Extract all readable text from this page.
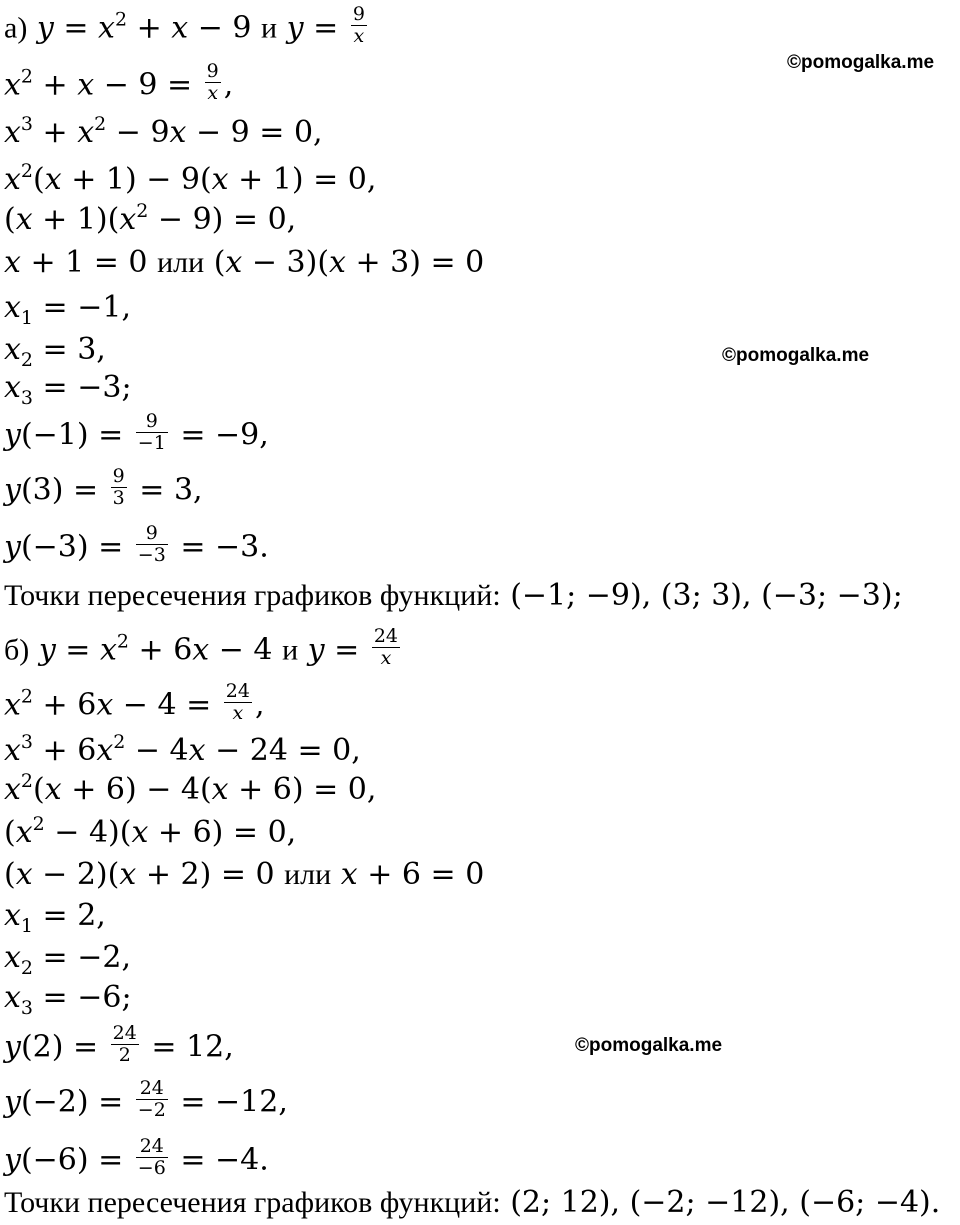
©pomogalka.me
©pomogalka.me
©pomogalka.me
а) $y = x^2 + x - 9$ и $y = \frac{9}{x}$
$x^2 + x - 9 = \frac{9}{x}$ ,
$x^3 + x^2 - 9x - 9 = 0$,
$x^2(x + 1) - 9(x + 1) = 0$,
$(x + 1)(x^2 - 9) = 0$,
x + 1 = 0 или (x − 3)(x + 3) = 0
$x_1 = -1$,
$x_2 = 3$,
$x_3 = -3$;
$y(-1) = \frac{9}{-1} = -9$,
$y(3) = \frac{9}{3} = 3$,
$y(-3) = \frac{9}{-3} = -3$.
Точки пересечения графиков функций: (−1; −9), (3; 3), (−3; −3);
б) $y = x^2 + 6x - 4$ и $y = \frac{24}{x}$
$x^2 + 6x - 4 = \frac{24}{x}$ ,
$x^3 + 6x^2 - 4x - 24 = 0$,
$x^2(x + 6) - 4(x + 6) = 0$,
$(x^2 - 4)(x + 6) = 0$,
(x − 2)(x + 2) = 0 или x + 6 = 0
$x_1 = 2$,
$x_2 = -2$,
$x_3 = -6$;
$y(2) = \frac{24}{2} = 12$,
$y(-2) = \frac{24}{-2} = -12$,
$y(-6) = \frac{24}{-6} = -4$.
Точки пересечения графиков функций: (2; 12), (−2; −12), (−6; −4).
